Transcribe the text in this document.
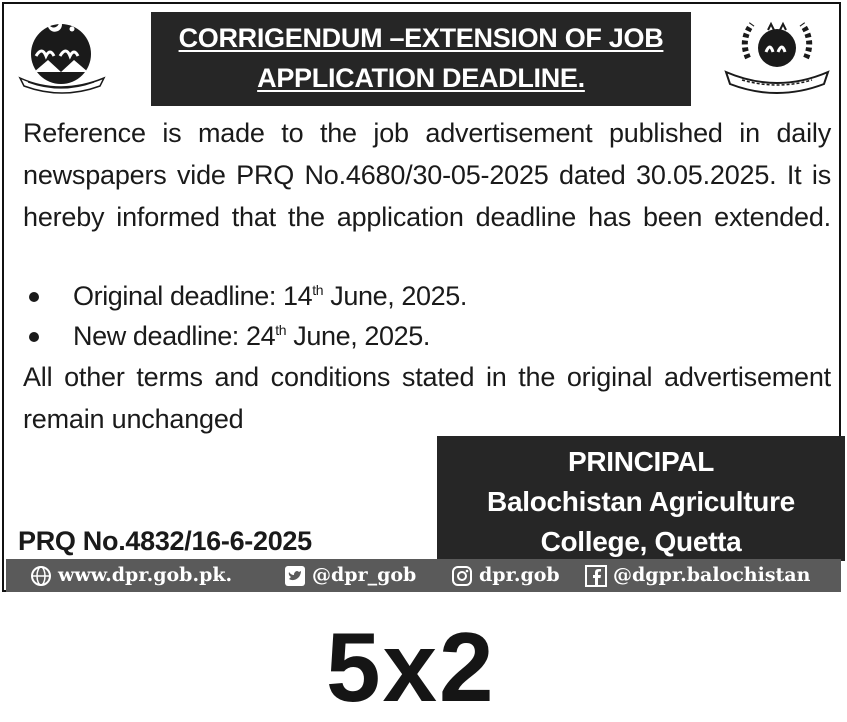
CORRIGENDUM –EXTENSION OF JOB
APPLICATION DEADLINE.
Reference is made to the job advertisement published in daily newspapers vide PRQ No.4680/30-05-2025 dated 30.05.2025. It is hereby informed that the application deadline has been extended.
Original deadline: 14th June, 2025.
New deadline: 24th June, 2025.
All other terms and conditions stated in the original advertisement remain unchanged
PRINCIPAL
Balochistan Agriculture
College, Quetta
PRQ No.4832/16-6-2025
www.dpr.gob.pk.	@dpr_gob	dpr.gob	@dgpr.balochistan
5x2
